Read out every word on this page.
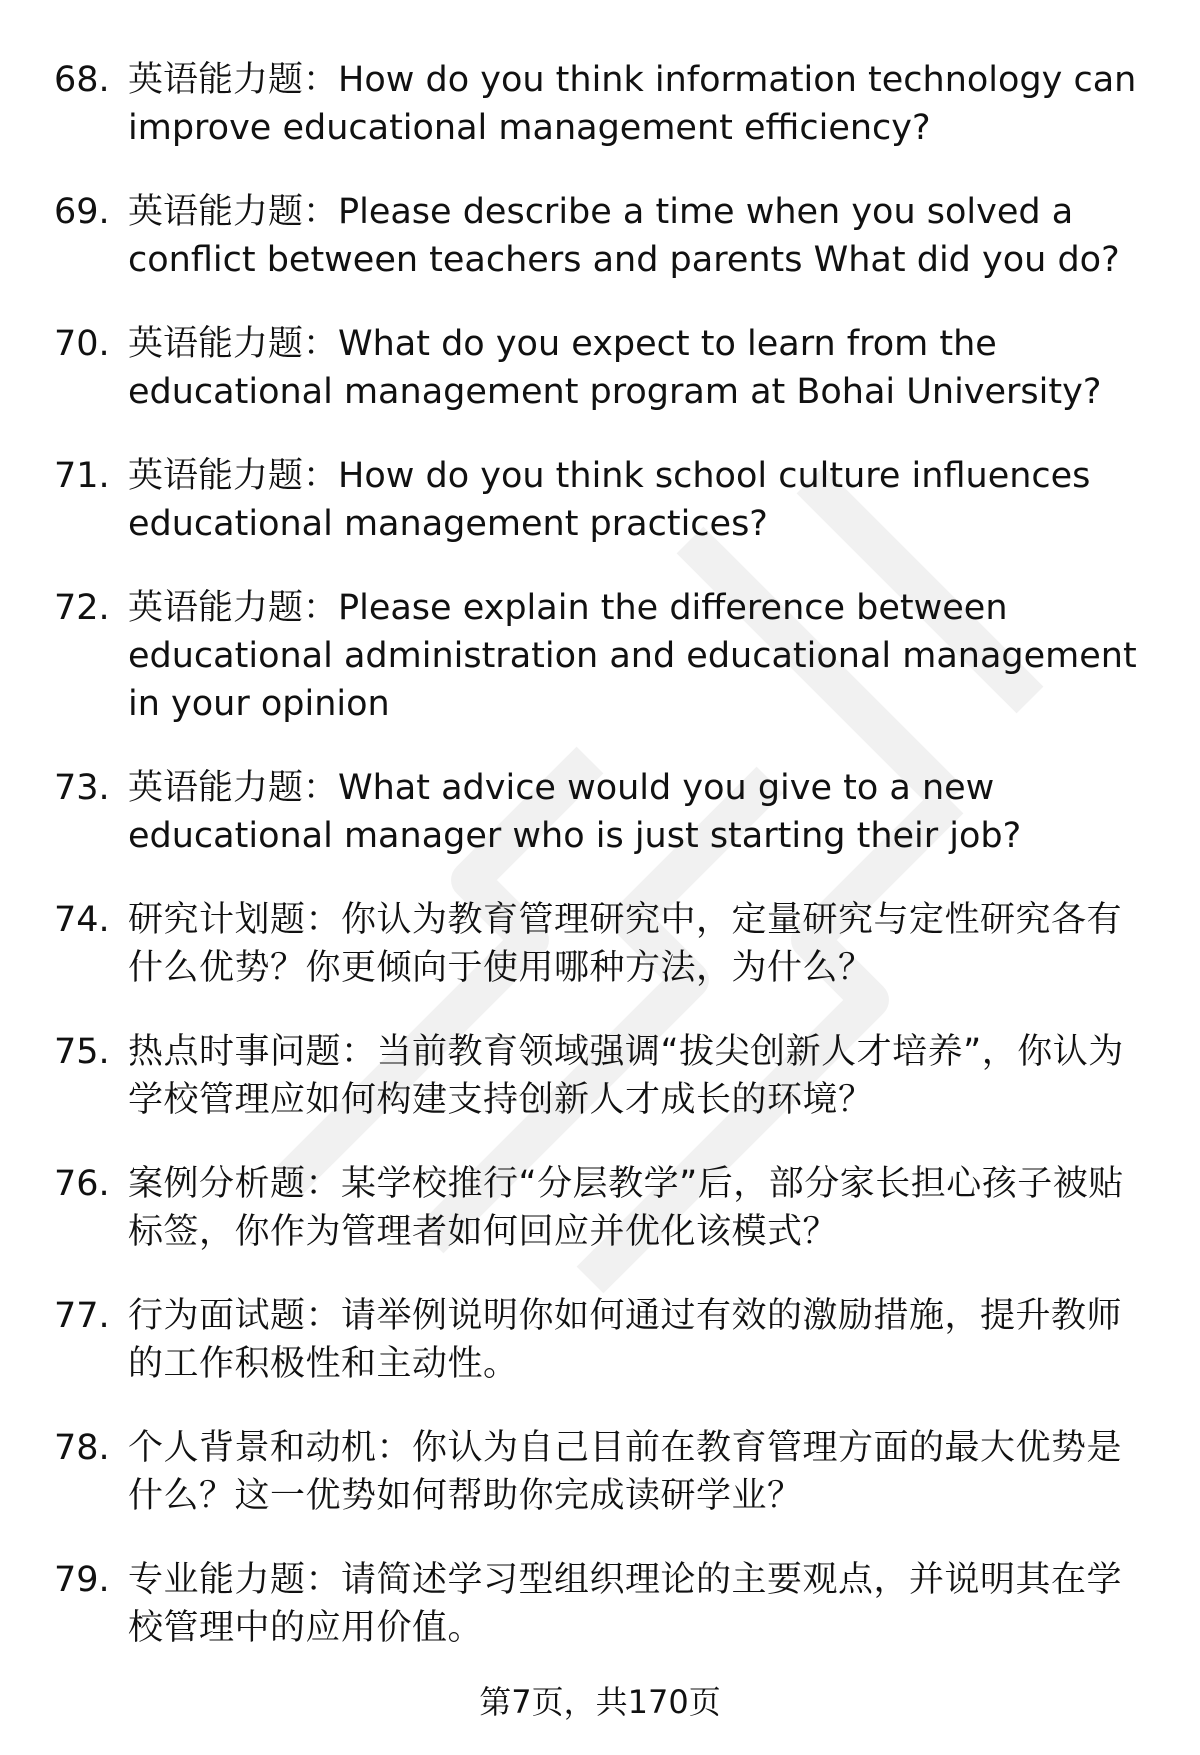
68. 英语能力题：How do you think information technology can improve educational management efficiency?
69. 英语能力题：Please describe a time when you solved a conflict between teachers and parents What did you do?
70. 英语能力题：What do you expect to learn from the educational management program at Bohai University?
71. 英语能力题：How do you think school culture influences educational management practices?
72. 英语能力题：Please explain the difference between educational administration and educational management in your opinion
73. 英语能力题：What advice would you give to a new educational manager who is just starting their job?
74. 研究计划题：你认为教育管理研究中，定量研究与定性研究各有什么优势？你更倾向于使用哪种方法，为什么？
75. 热点时事问题：当前教育领域强调“拔尖创新人才培养”，你认为学校管理应如何构建支持创新人才成长的环境？
76. 案例分析题：某学校推行“分层教学”后，部分家长担心孩子被贴标签，你作为管理者如何回应并优化该模式？
77. 行为面试题：请举例说明你如何通过有效的激励措施，提升教师的工作积极性和主动性。
78. 个人背景和动机：你认为自己目前在教育管理方面的最大优势是什么？这一优势如何帮助你完成读研学业？
79. 专业能力题：请简述学习型组织理论的主要观点，并说明其在学校管理中的应用价值。
第7页，共170页
